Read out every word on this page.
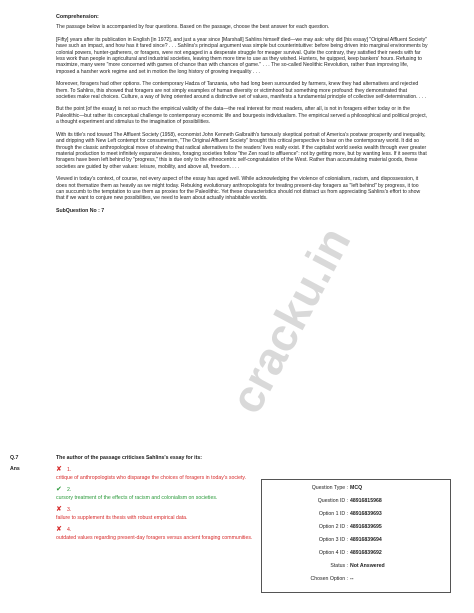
cracku.in
Comprehension:

The passage below is accompanied by four questions. Based on the passage, choose the best answer for each question.

[Fifty] years after its publication in English [in 1972], and just a year since [Marshall] Sahlins himself died—we may ask: why did [his essay] "Original Affluent Society" have such an impact, and how has it fared since? . . . Sahlins's principal argument was simple but counterintuitive: before being driven into marginal environments by colonial powers, hunter-gatherers, or foragers, were not engaged in a desperate struggle for meager survival. Quite the contrary, they satisfied their needs with far less work than people in agricultural and industrial societies, leaving them more time to use as they wished. Hunters, he quipped, keep bankers' hours. Refusing to maximize, many were "more concerned with games of chance than with chances of game." . . . The so-called Neolithic Revolution, rather than improving life, imposed a harsher work regime and set in motion the long history of growing inequality . . .

Moreover, foragers had other options. The contemporary Hadza of Tanzania, who had long been surrounded by farmers, knew they had alternatives and rejected them. To Sahlins, this showed that foragers are not simply examples of human diversity or victimhood but something more profound: they demonstrated that societies make real choices. Culture, a way of living oriented around a distinctive set of values, manifests a fundamental principle of collective self-determination. . . .

But the point [of the essay] is not so much the empirical validity of the data—the real interest for most readers, after all, is not in foragers either today or in the Paleolithic—but rather its conceptual challenge to contemporary economic life and bourgeois individualism. The empirical served a philosophical and political project, a thought experiment and stimulus to the imagination of possibilities.

With its title's nod toward The Affluent Society (1958), economist John Kenneth Galbraith's famously skeptical portrait of America's postwar prosperity and inequality, and dripping with New Left contempt for consumerism, "The Original Affluent Society" brought this critical perspective to bear on the contemporary world. It did so through the classic anthropological move of showing that radical alternatives to the readers' lives really exist. If the capitalist world seeks wealth through ever greater material production to meet infinitely expansive desires, foraging societies follow "the Zen road to affluence": not by getting more, but by wanting less. If it seems that foragers have been left behind by "progress," this is due only to the ethnocentric self-congratulation of the West. Rather than accumulating material goods, these societies are guided by other values: leisure, mobility, and above all, freedom. . . .

Viewed in today's context, of course, not every aspect of the essay has aged well. While acknowledging the violence of colonialism, racism, and dispossession, it does not thematize them as heavily as we might today. Rebuking evolutionary anthropologists for treating present-day foragers as "left behind" by progress, it too can succumb to the temptation to use them as proxies for the Paleolithic. Yet these characteristics should not distract us from appreciating Sahlins's effort to show that if we want to conjure new possibilities, we need to learn about actually inhabitable worlds.

SubQuestion No : 7
Q.7	The author of the passage criticises Sahlins's essay for its:
Ans	✘ 1.
critique of anthropologists who disparage the choices of foragers in today's society.
✔ 2.
cursory treatment of the effects of racism and colonialism on societies.
✘ 3.
failure to supplement its thesis with robust empirical data.
✘ 4.
outdated values regarding present-day foragers versus ancient foraging communities.
Question Type : MCQ
Question ID : 48916815968
Option 1 ID : 48916839693
Option 2 ID : 48916839695
Option 3 ID : 48916839694
Option 4 ID : 48916839692
Status : Not Answered
Chosen Option : --
